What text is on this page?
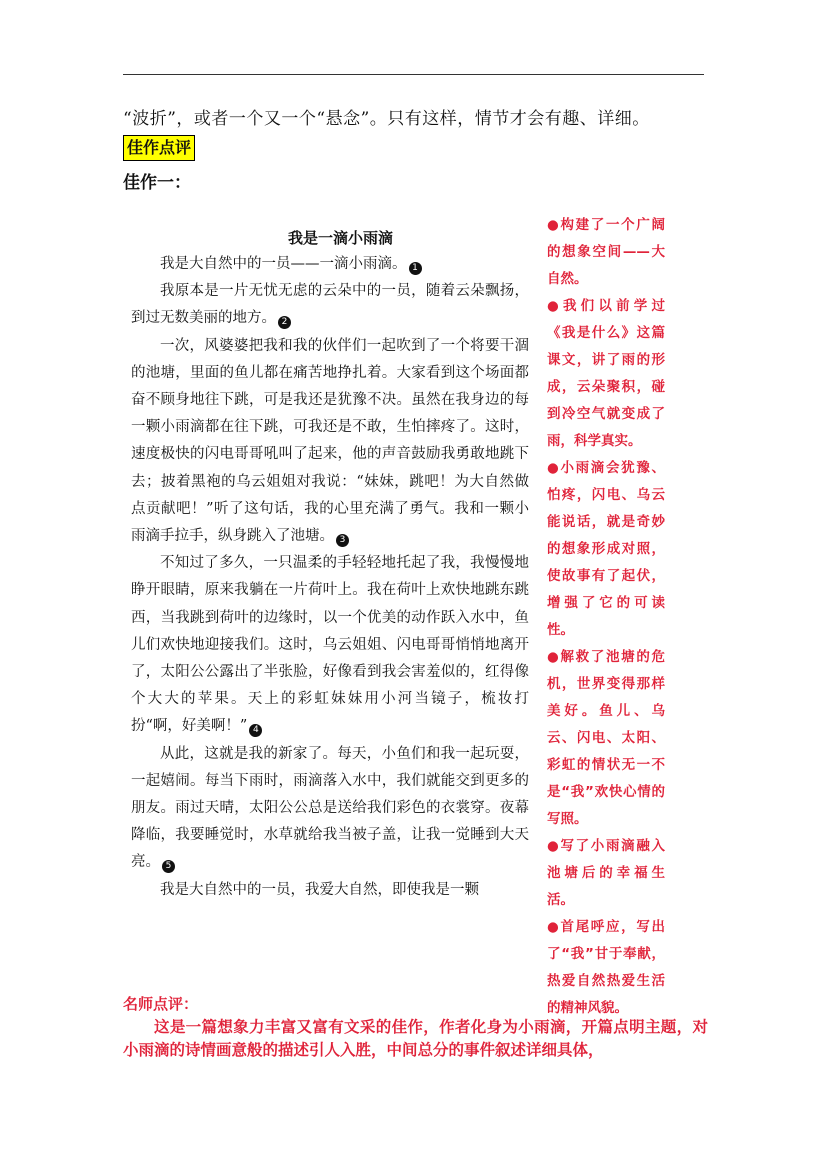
“波折”，或者一个又一个“悬念”。只有这样，情节才会有趣、详细。
佳作点评
佳作一：
我是一滴小雨滴

我是大自然中的一员——一滴小雨滴。 1

我原本是一片无忧无虑的云朵中的一员，随着云朵飘扬，到过无数美丽的地方。 2

一次，风婆婆把我和我的伙伴们一起吹到了一个将要干涸的池塘，里面的鱼儿都在痛苦地挣扎着。大家看到这个场面都奋不顾身地往下跳，可是我还是犹豫不决。虽然在我身边的每一颗小雨滴都在往下跳，可我还是不敢，生怕摔疼了。这时，速度极快的闪电哥哥吼叫了起来，他的声音鼓励我勇敢地跳下去；披着黑袍的乌云姐姐对我说：“妹妹，跳吧！为大自然做点贡献吧！”听了这句话，我的心里充满了勇气。我和一颗小雨滴手拉手，纵身跳入了池塘。 3

不知过了多久，一只温柔的手轻轻地托起了我，我慢慢地睁开眼睛，原来我躺在一片荷叶上。我在荷叶上欢快地跳东跳西，当我跳到荷叶的边缘时，以一个优美的动作跃入水中，鱼儿们欢快地迎接我们。这时，乌云姐姐、闪电哥哥悄悄地离开了，太阳公公露出了半张脸，好像看到我会害羞似的，红得像个大大的苹果。天上的彩虹妹妹用小河当镜子，梳妆打扮“啊，好美啊！” 4

从此，这就是我的新家了。每天，小鱼们和我一起玩耍，一起嬉闹。每当下雨时，雨滴落入水中，我们就能交到更多的朋友。雨过天晴，太阳公公总是送给我们彩色的衣裳穿。夜幕降临，我要睡觉时，水草就给我当被子盖，让我一觉睡到大天亮。 5

我是大自然中的一员，我爱大自然，即使我是一颗

●构建了一个广阔的想象空间——大自然。
●我们以前学过《我是什么》这篇课文，讲了雨的形成，云朵聚积，碰到冷空气就变成了雨，科学真实。
●小雨滴会犹豫、怕疼，闪电、乌云能说话，就是奇妙的想象形成对照，使故事有了起伏，增强了它的可读性。
●解救了池塘的危机，世界变得那样美好。鱼儿、乌云、闪电、太阳、彩虹的情状无一不是“我”欢快心情的写照。
●写了小雨滴融入池塘后的幸福生活。
●首尾呼应，写出了“我”甘于奉献，热爱自然热爱生活的精神风貌。
名师点评：

这是一篇想象力丰富又富有文采的佳作，作者化身为小雨滴，开篇点明主题，对小雨滴的诗情画意般的描述引人入胜，中间总分的事件叙述详细具体，
